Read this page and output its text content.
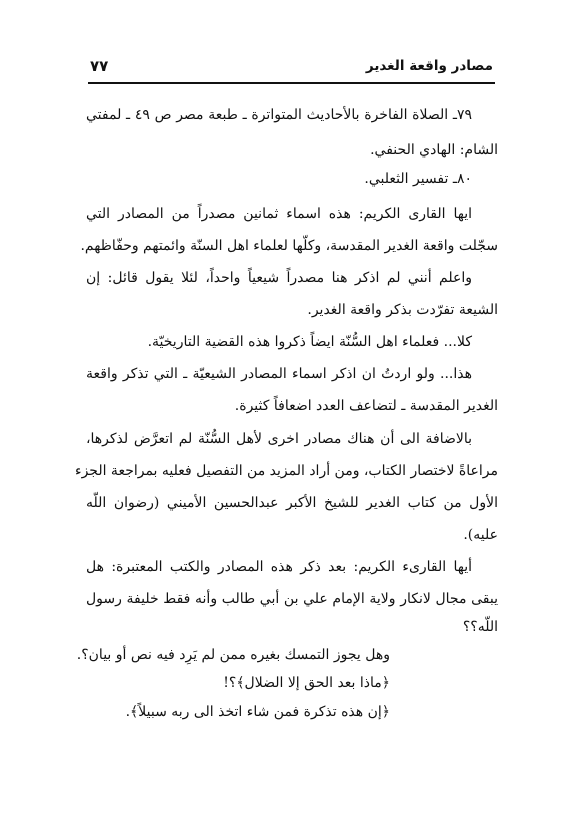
٧٧	مصادر واقعة الغدير
٧٩ـ الصلاة الفاخرة بالأحاديث المتواترة ـ طبعة مصر ص ٤٩ ـ لمفتي
الشام: الهادي الحنفي.
٨٠ـ تفسير الثعلبي.
ايها القارى الكريم: هذه اسماء ثمانين مصدراً من المصادر التي
سجّلت واقعة الغدير المقدسة، وكلّها لعلماء اهل السنّة وائمتهم وحفّاظهم.
واعلم أنني لم اذكر هنا مصدراً شيعياً واحداً، لئلا يقول قائل: إن
الشيعة تفرّدت بذكر واقعة الغدير.
كلا... فعلماء اهل السُّنّة ايضاً ذكروا هذه القضية التاريخيّة.
هذا... ولو اردتُ ان اذكر اسماء المصادر الشيعيّة ـ التي تذكر واقعة
الغدير المقدسة ـ لتضاعف العدد اضعافاً كثيرة.
بالاضافة الى أن هناك مصادر اخرى لأهل السُّنّة لم اتعرَّض لذكرها،
مراعاةً لاختصار الكتاب، ومن أراد المزيد من التفصيل فعليه بمراجعة الجزء
الأول من كتاب الغدير للشيخ الأكبر عبدالحسين الأميني (رضوان اللّه
عليه).
أيها القارىء الكريم: بعد ذكر هذه المصادر والكتب المعتبرة: هل
يبقى مجال لانكار ولاية الإمام علي بن أبي طالب وأنه فقط خليفة رسول
اللّه؟؟
وهل يجوز التمسك بغيره ممن لم يَرِد فيه نص أو بيان؟.
﴿ماذا بعد الحق إلا الضلال﴾؟!
﴿إن هذه تذكرة فمن شاء اتخذ الى ربه سبيلاً﴾.
